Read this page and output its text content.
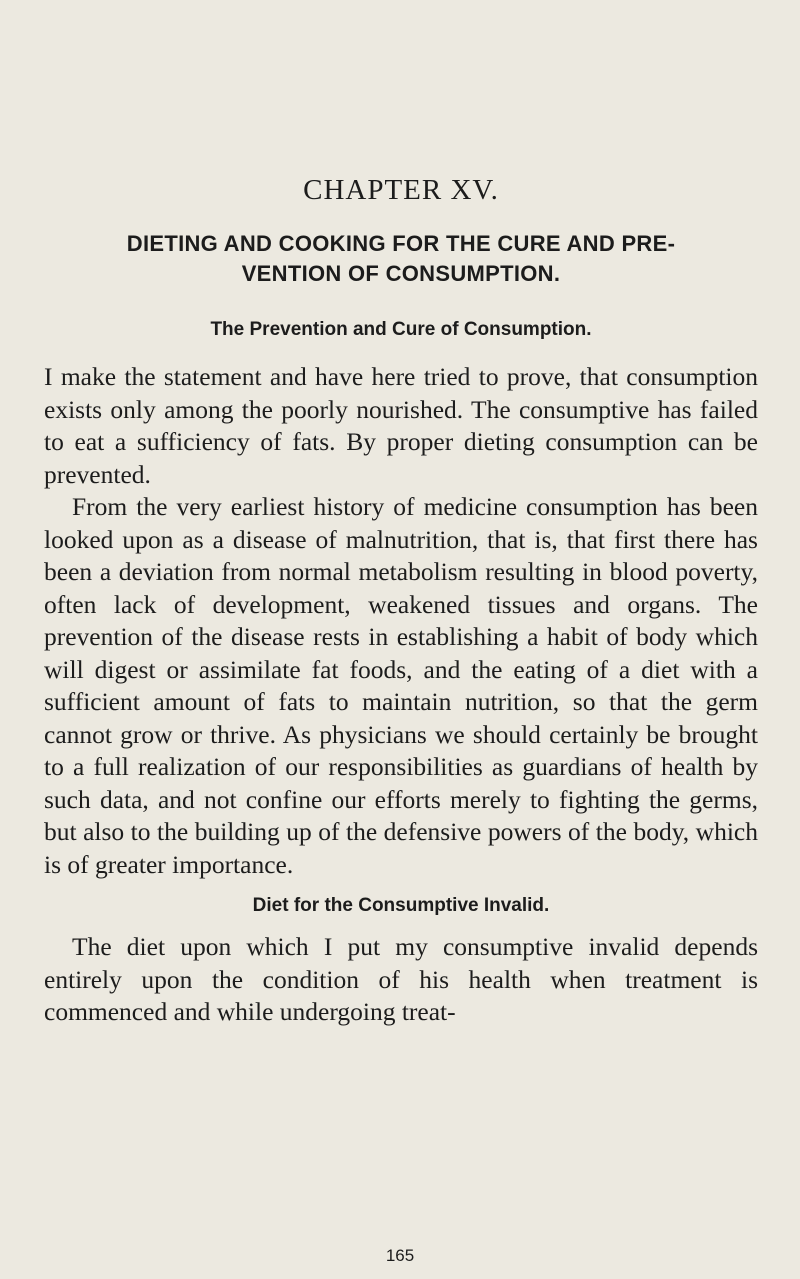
CHAPTER XV.
DIETING AND COOKING FOR THE CURE AND PRE-
VENTION OF CONSUMPTION.
The Prevention and Cure of Consumption.

I make the statement and have here tried to prove, that consumption exists only among the poorly nourished. The consumptive has failed to eat a sufficiency of fats. By proper dieting consumption can be prevented.

From the very earliest history of medicine consumption has been looked upon as a disease of malnutrition, that is, that first there has been a deviation from normal metabolism resulting in blood poverty, often lack of development, weakened tissues and organs. The prevention of the disease rests in establishing a habit of body which will digest or assimilate fat foods, and the eating of a diet with a sufficient amount of fats to maintain nutrition, so that the germ cannot grow or thrive. As physicians we should certainly be brought to a full realization of our responsibilities as guardians of health by such data, and not confine our efforts merely to fighting the germs, but also to the building up of the defensive powers of the body, which is of greater importance.

Diet for the Consumptive Invalid.

The diet upon which I put my consumptive invalid depends entirely upon the condition of his health when treatment is commenced and while undergoing treat-

165
